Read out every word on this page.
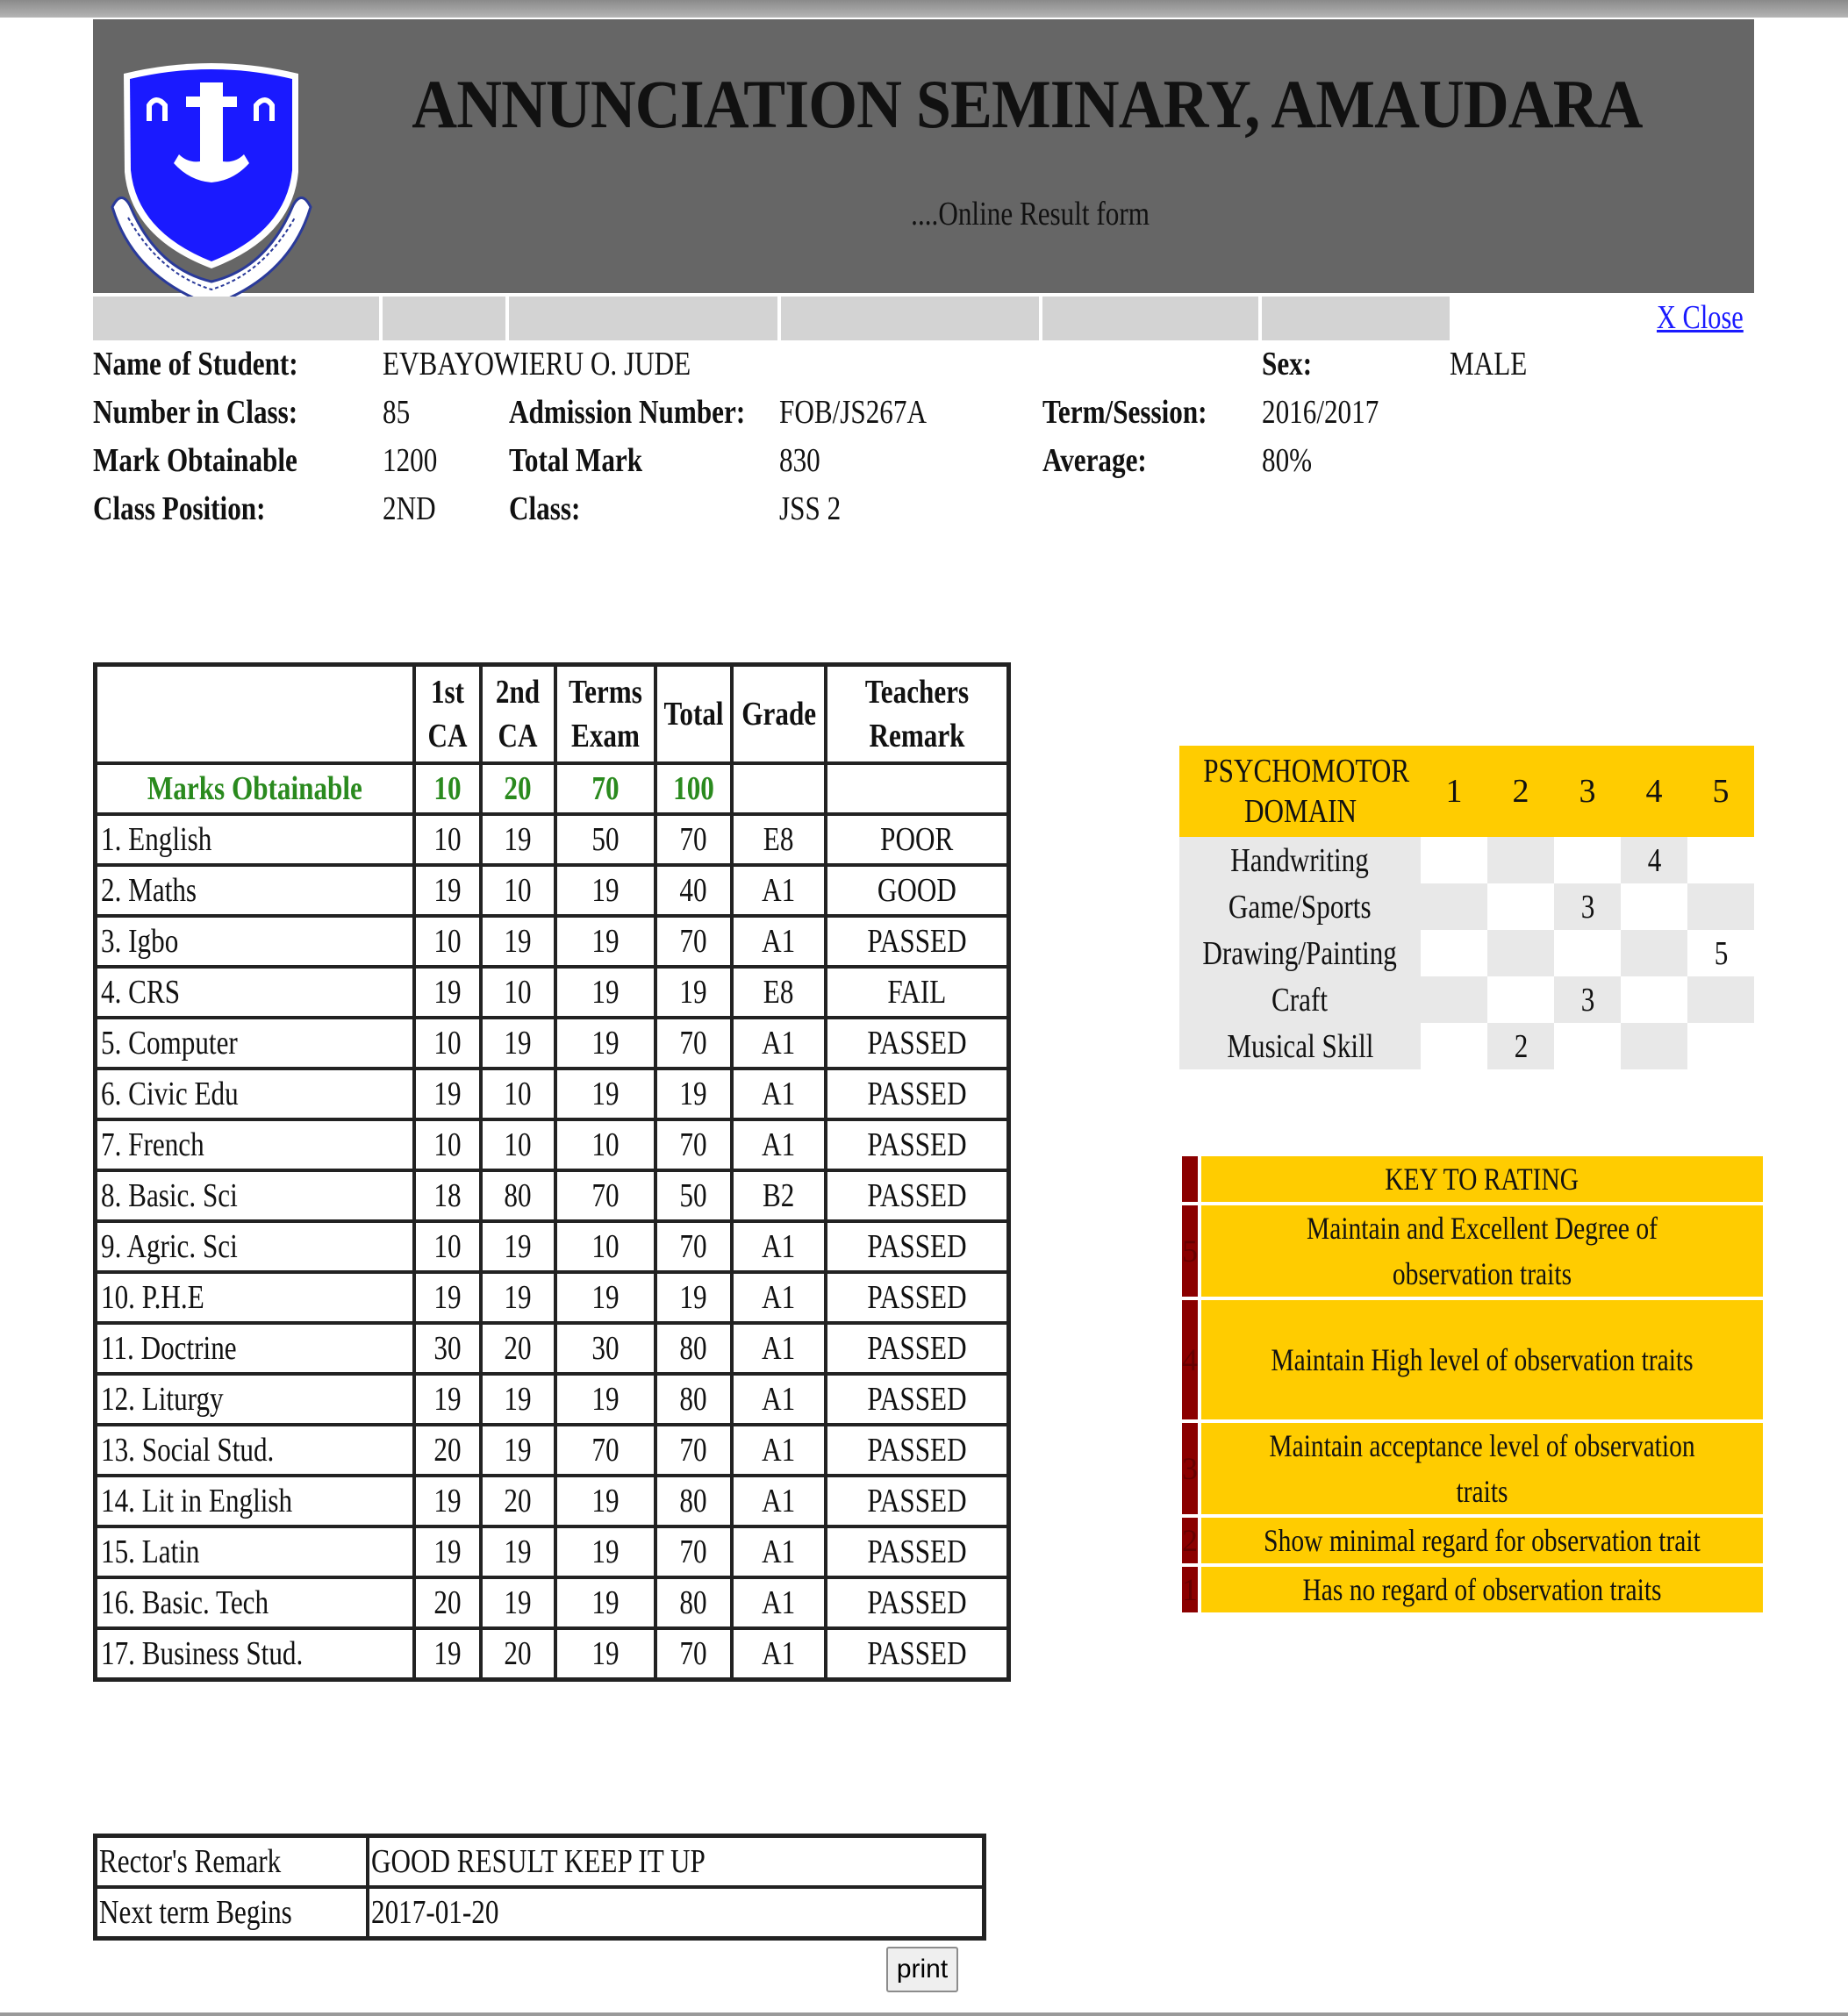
ANNUNCIATION SEMINARY, AMAUDARA
....Online Result form
X Close
Name of Student:	EVBAYOWIERU O. JUDE	Sex:	MALE
Number in Class:	85	Admission Number: FOB/JS267A	Term/Session: 2016/2017
Mark Obtainable	1200 Total Mark	830	Average:	80%
Class Position:	2ND Class:	JSS 2
	1st CA	2nd CA	Terms Exam	Total	Grade	Teachers Remark
Marks Obtainable	10	20	70	100		
1. English	10	19	50	70	E8	POOR
2. Maths	19	10	19	40	A1	GOOD
3. Igbo	10	19	19	70	A1	PASSED
4. CRS	19	10	19	19	E8	FAIL
5. Computer	10	19	19	70	A1	PASSED
6. Civic Edu	19	10	19	19	A1	PASSED
7. French	10	10	10	70	A1	PASSED
8. Basic. Sci	18	80	70	50	B2	PASSED
9. Agric. Sci	10	19	10	70	A1	PASSED
10. P.H.E	19	19	19	19	A1	PASSED
11. Doctrine	30	20	30	80	A1	PASSED
12. Liturgy	19	19	19	80	A1	PASSED
13. Social Stud.	20	19	70	70	A1	PASSED
14. Lit in English	19	20	19	80	A1	PASSED
15. Latin	19	19	19	70	A1	PASSED
16. Basic. Tech	20	19	19	80	A1	PASSED
17. Business Stud.	19	20	19	70	A1	PASSED
PSYCHOMOTOR DOMAIN	1	2	3	4	5
Handwriting				4	
Game/Sports			3		
Drawing/Painting					5
Craft			3		
Musical Skill		2			
	KEY TO RATING
5	Maintain and Excellent Degree of observation traits
4	Maintain High level of observation traits
3	Maintain acceptance level of observation traits
2	Show minimal regard for observation trait
1	Has no regard of observation traits
Rector's Remark	GOOD RESULT KEEP IT UP
Next term Begins	2017-01-20
print
